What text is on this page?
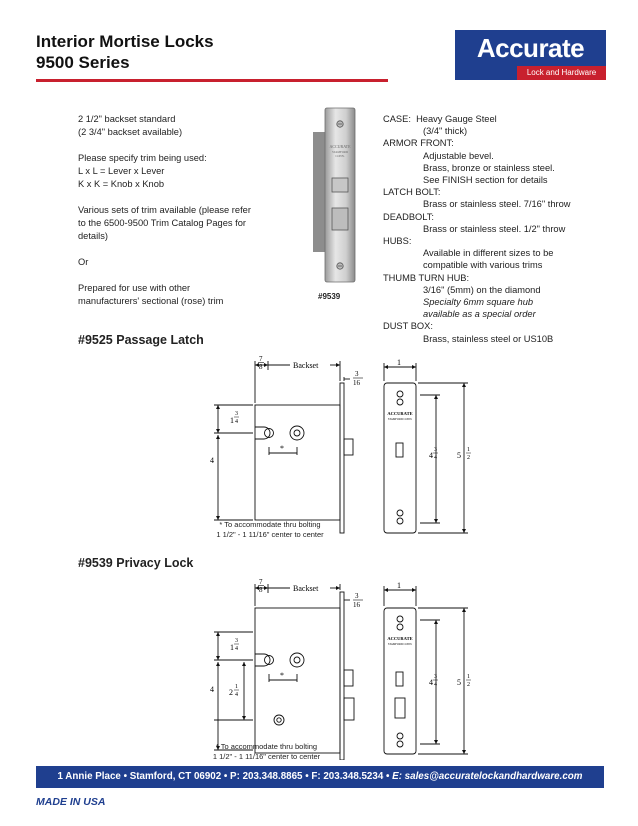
Interior Mortise Locks
9500 Series	Accurate
Lock and Hardware

2 1/2" backset standard
(2 3/4" backset available)

Please specify trim being used:
L x L = Lever x Lever
K x K = Knob x Knob

Various sets of trim available (please refer
to the 6500-9500 Trim Catalog Pages for
details)

Or

Prepared for use with other
manufacturers' sectional (rose) trim

ACCURATE
STAMFORD
CONN.
#9539
CASE: Heavy Gauge Steel
(3/4" thick)
ARMOR FRONT:
Adjustable bevel.
Brass, bronze or stainless steel.
See FINISH section for details
LATCH BOLT:
Brass or stainless steel. 7/16" throw
DEADBOLT:
Brass or stainless steel. 1/2" throw
HUBS:
Available in different sizes to be
compatible with various trims
THUMB TURN HUB:
3/16" (5mm) on the diamond
Specialty 6mm square hub
available as a special order
DUST BOX:
Brass, stainless steel or US10B
#9525 Passage Latch
#9539 Privacy Lock
7
8	Backset
3
16
1
3
4
4
*
ACCURATE
STAMFORD CONN.
1
4
3
4	5
1
2
* To accommodate thru bolting
1 1/2" - 1 11/16" center to center
7
8	Backset
3
16
1
3
4
4 2
1
4
*
ACCURATE
STAMFORD CONN.
1
4
3
4	5
1
2
* To accommodate thru bolting
1 1/2" - 1 11/16" center to center
1 Annie Place • Stamford, CT 06902 • P: 203.348.8865 • F: 203.348.5234 • E: sales@accuratelockandhardware.com
MADE IN USA
